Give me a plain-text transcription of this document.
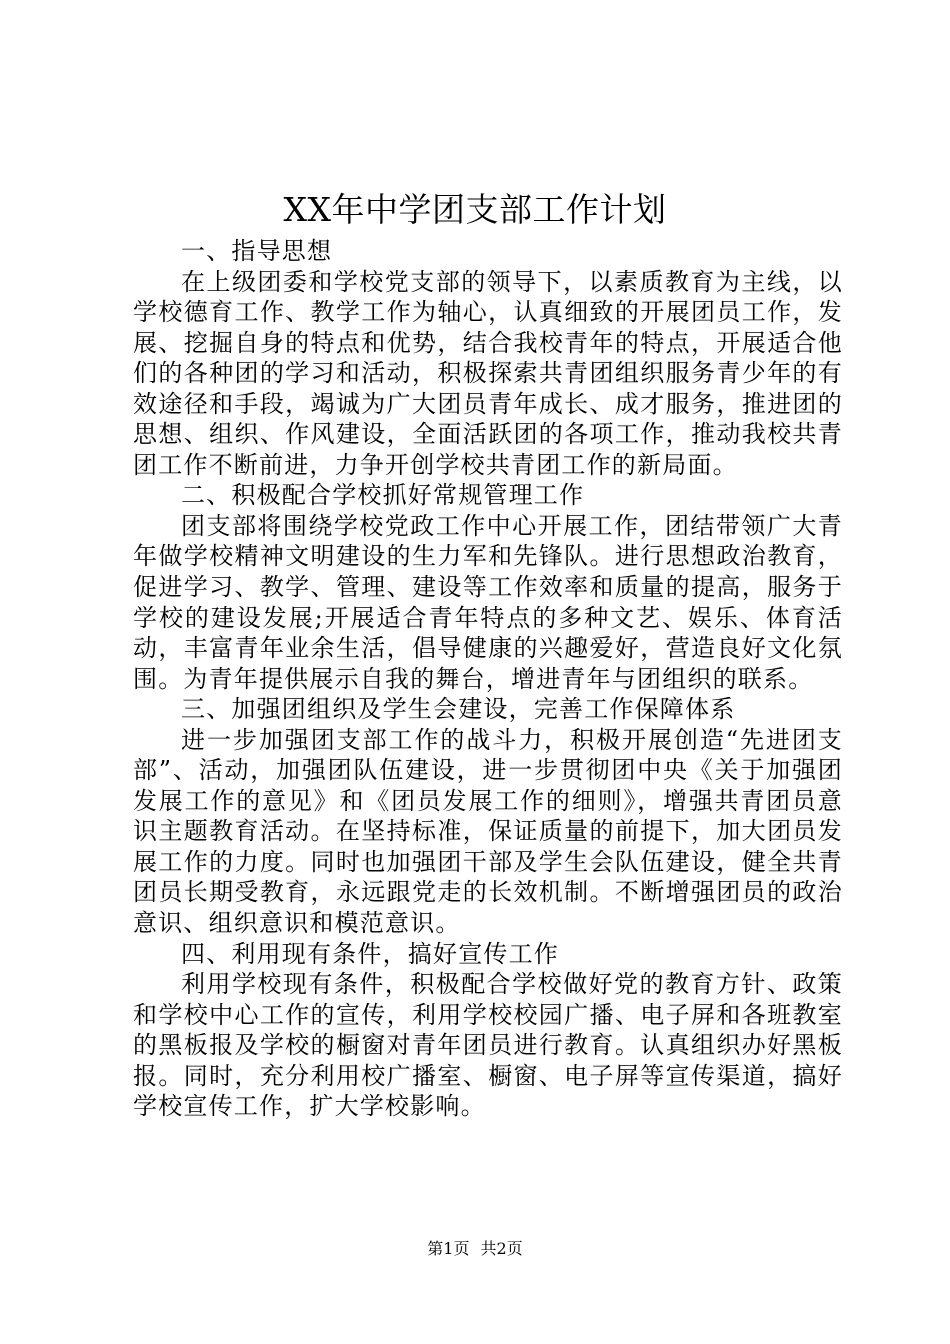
XX年中学团支部工作计划

一、指导思想

在上级团委和学校党支部的领导下，以素质教育为主线，以学校德育工作、教学工作为轴心，认真细致的开展团员工作，发展、挖掘自身的特点和优势，结合我校青年的特点，开展适合他们的各种团的学习和活动，积极探索共青团组织服务青少年的有效途径和手段，竭诚为广大团员青年成长、成才服务，推进团的思想、组织、作风建设，全面活跃团的各项工作，推动我校共青团工作不断前进，力争开创学校共青团工作的新局面。

二、积极配合学校抓好常规管理工作

团支部将围绕学校党政工作中心开展工作，团结带领广大青年做学校精神文明建设的生力军和先锋队。进行思想政治教育，促进学习、教学、管理、建设等工作效率和质量的提高，服务于学校的建设发展;开展适合青年特点的多种文艺、娱乐、体育活动，丰富青年业余生活，倡导健康的兴趣爱好，营造良好文化氛围。为青年提供展示自我的舞台，增进青年与团组织的联系。

三、加强团组织及学生会建设，完善工作保障体系

进一步加强团支部工作的战斗力，积极开展创造“先进团支部”、活动，加强团队伍建设，进一步贯彻团中央《关于加强团发展工作的意见》和《团员发展工作的细则》，增强共青团员意识主题教育活动。在坚持标准，保证质量的前提下，加大团员发展工作的力度。同时也加强团干部及学生会队伍建设，健全共青团员长期受教育，永远跟党走的长效机制。不断增强团员的政治意识、组织意识和模范意识。

四、利用现有条件，搞好宣传工作

利用学校现有条件，积极配合学校做好党的教育方针、政策和学校中心工作的宣传，利用学校校园广播、电子屏和各班教室的黑板报及学校的橱窗对青年团员进行教育。认真组织办好黑板报。同时，充分利用校广播室、橱窗、电子屏等宣传渠道，搞好学校宣传工作，扩大学校影响。

第1页 共2页
